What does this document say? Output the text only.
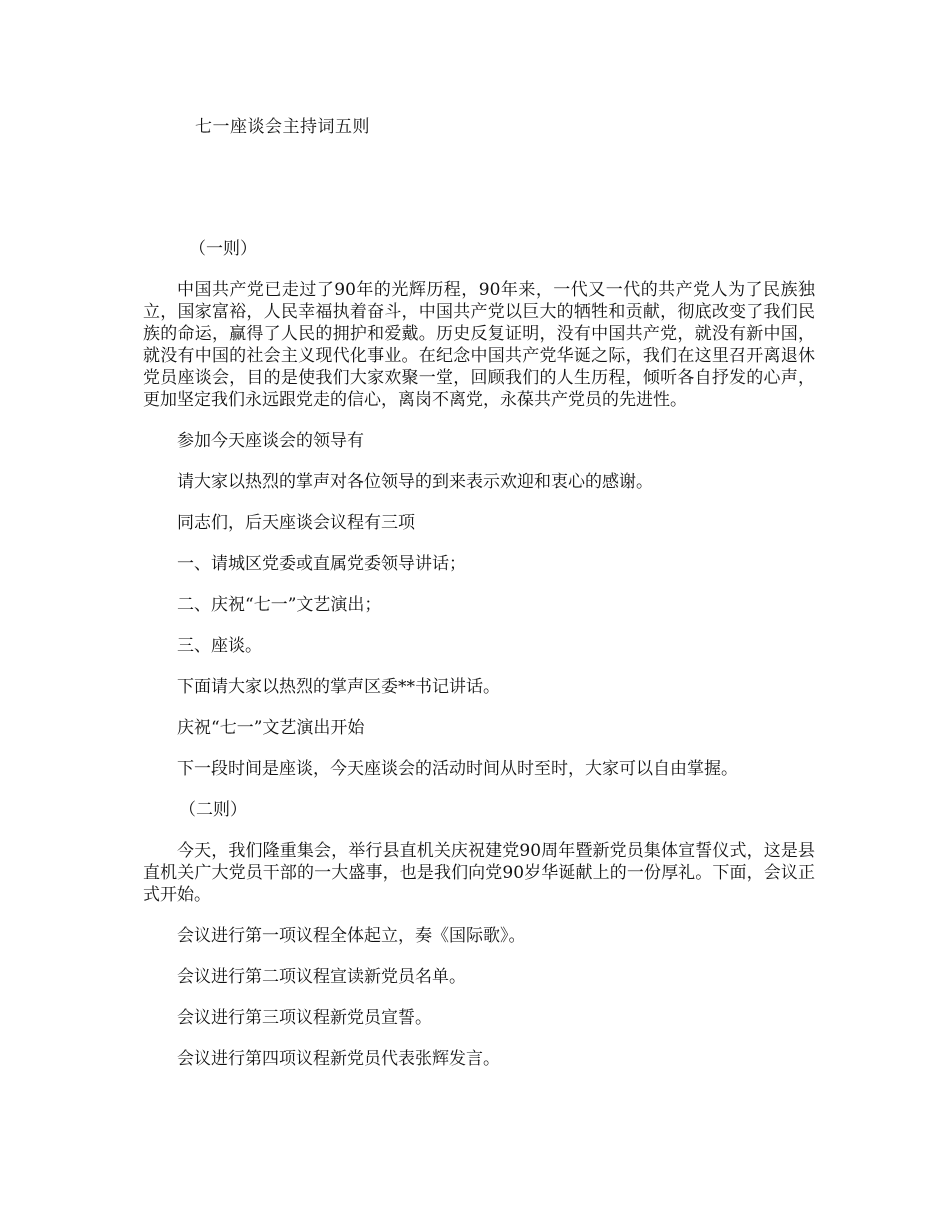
七一座谈会主持词五则

（一则）

中国共产党已走过了90年的光辉历程，90年来，一代又一代的共产党人为了民族独立，国家富裕，人民幸福执着奋斗，中国共产党以巨大的牺牲和贡献，彻底改变了我们民族的命运，赢得了人民的拥护和爱戴。历史反复证明，没有中国共产党，就没有新中国，就没有中国的社会主义现代化事业。在纪念中国共产党华诞之际，我们在这里召开离退休党员座谈会，目的是使我们大家欢聚一堂，回顾我们的人生历程，倾听各自抒发的心声，更加坚定我们永远跟党走的信心，离岗不离党，永葆共产党员的先进性。

参加今天座谈会的领导有

请大家以热烈的掌声对各位领导的到来表示欢迎和衷心的感谢。

同志们，后天座谈会议程有三项

一、请城区党委或直属党委领导讲话；

二、庆祝“七一”文艺演出；

三、座谈。

下面请大家以热烈的掌声区委**书记讲话。

庆祝“七一”文艺演出开始

下一段时间是座谈，今天座谈会的活动时间从时至时，大家可以自由掌握。

（二则）

今天，我们隆重集会，举行县直机关庆祝建党90周年暨新党员集体宣誓仪式，这是县直机关广大党员干部的一大盛事，也是我们向党90岁华诞献上的一份厚礼。下面，会议正式开始。

会议进行第一项议程全体起立，奏《国际歌》。

会议进行第二项议程宣读新党员名单。

会议进行第三项议程新党员宣誓。

会议进行第四项议程新党员代表张辉发言。
